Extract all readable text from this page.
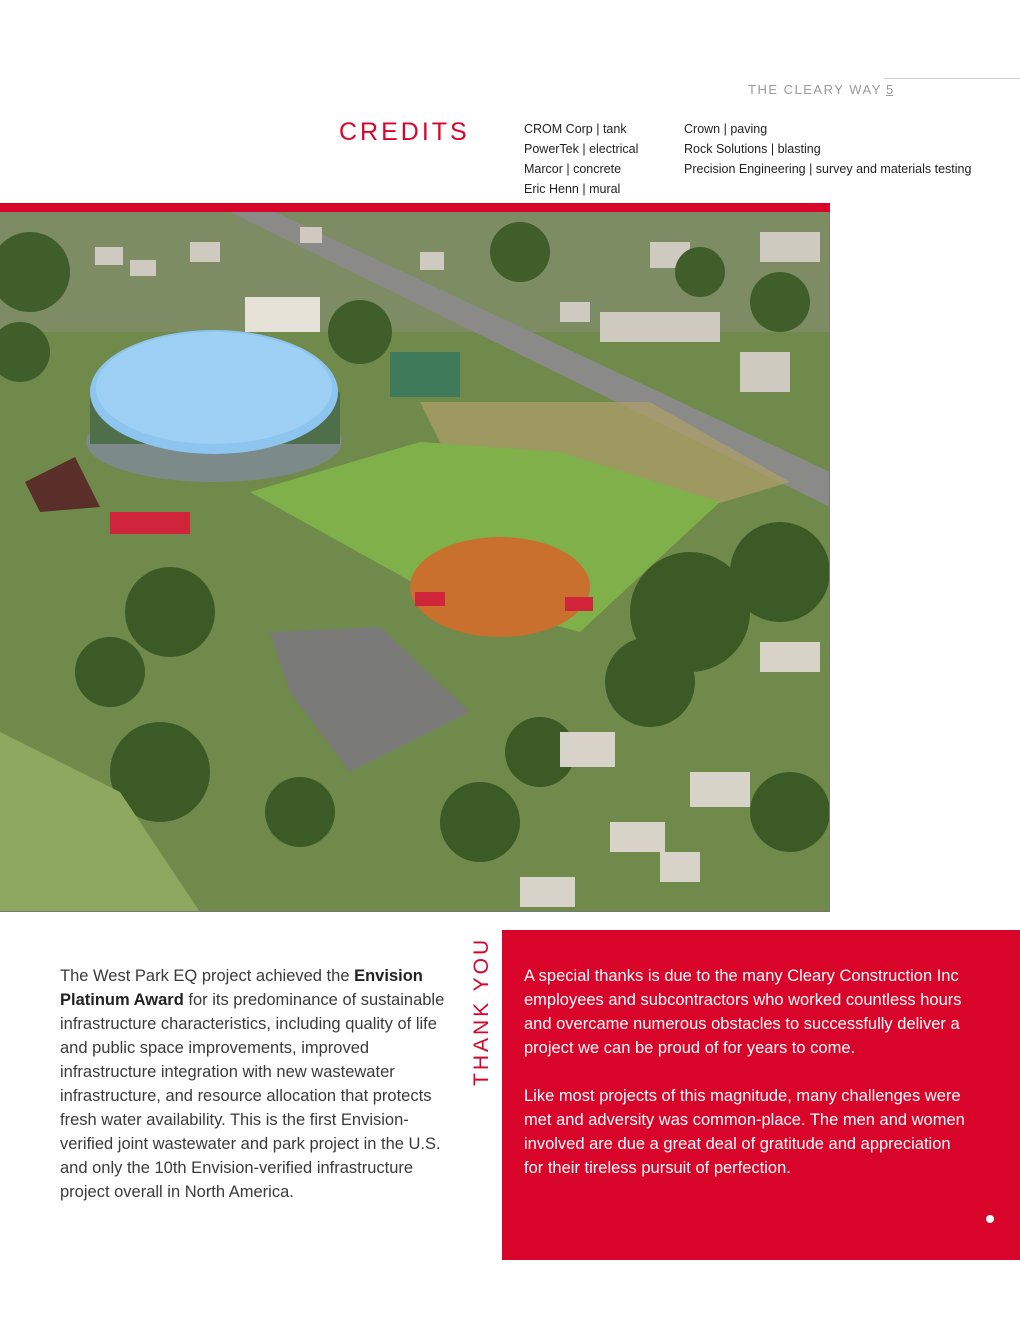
THE CLEARY WAY 5
CREDITS	CROM Corp | tank
PowerTek | electrical
Marcor | concrete
Eric Henn | mural
Crown | paving
Rock Solutions | blasting
Precision Engineering | survey and materials testing
The West Park EQ project achieved the Envision Platinum Award for its predominance of sustainable infrastructure characteristics, including quality of life and public space improvements, improved infrastructure integration with new wastewater infrastructure, and resource allocation that protects fresh water availability. This is the first Envision-verified joint wastewater and park project in the U.S. and only the 10th Envision-verified infrastructure project overall in North America.
THANK YOU A special thanks is due to the many Cleary Construction Inc employees and subcontractors who worked countless hours and overcame numerous obstacles to successfully deliver a project we can be proud of for years to come.

Like most projects of this magnitude, many challenges were met and adversity was common-place. The men and women involved are due a great deal of gratitude and appreciation for their tireless pursuit of perfection.
